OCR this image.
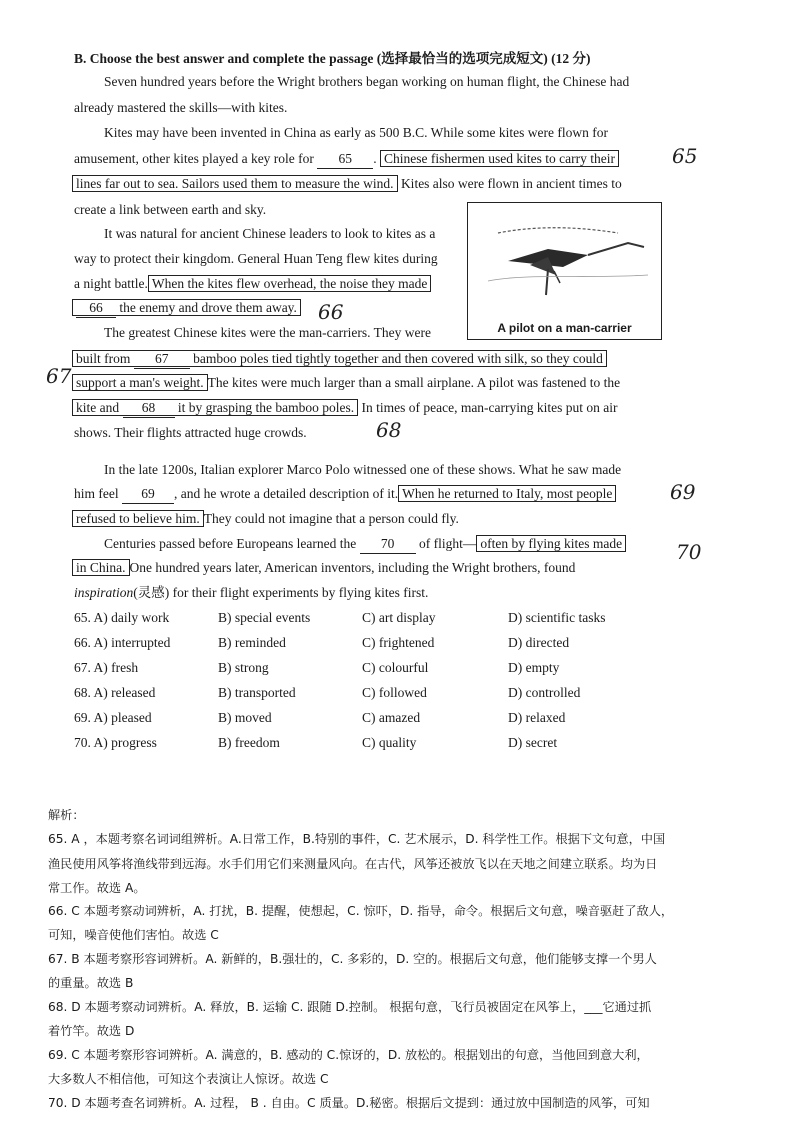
B. Choose the best answer and complete the passage (选择最恰当的选项完成短文) (12 分)
Seven hundred years before the Wright brothers began working on human flight, the Chinese had
already mastered the skills—with kites.
Kites may have been invented in China as early as 500 B.C. While some kites were flown for
amusement, other kites played a key role for 65 . Chinese fishermen used kites to carry their	65
lines far out to sea. Sailors used them to measure the wind. Kites also were flown in ancient times to
create a link between earth and sky.
A pilot on a man-carrier
It was natural for ancient Chinese leaders to look to kites as a
way to protect their kingdom. General Huan Teng flew kites during
a night battle. When the kites flew overhead, the noise they made
66 the enemy and drove them away. 66
The greatest Chinese kites were the man-carriers. They were
built from 67 bamboo poles tied tightly together and then covered with silk, so they could
67 support a man's weight. The kites were much larger than a small airplane. A pilot was fastened to the
kite and 68 it by grasping the bamboo poles. In times of peace, man-carrying kites put on air
shows. Their flights attracted huge crowds.	68
In the late 1200s, Italian explorer Marco Polo witnessed one of these shows. What he saw made
him feel 69 , and he wrote a detailed description of it. When he returned to Italy, most people	69
refused to believe him. They could not imagine that a person could fly.
Centuries passed before Europeans learned the 70 of flight— often by flying kites made	70
in China. One hundred years later, American inventors, including the Wright brothers, found
inspiration(灵感) for their flight experiments by flying kites first.
65. A) daily work	B) special events	C) art display	D) scientific tasks
66. A) interrupted	B) reminded	C) frightened	D) directed
67. A) fresh	B) strong	C) colourful	D) empty
68. A) released	B) transported	C) followed	D) controlled
69. A) pleased	B) moved	C) amazed	D) relaxed
70. A) progress	B) freedom	C) quality	D) secret
解析：
65. A ，本题考察名词词组辨析。A.日常工作，B.特别的事件，C. 艺术展示，D. 科学性工作。根据下文句意，中国
渔民使用风筝将渔线带到远海。水手们用它们来测量风向。在古代，风筝还被放飞以在天地之间建立联系。均为日
常工作。故选 A。
66. C 本题考察动词辨析，A. 打扰，B. 提醒，使想起，C. 惊吓，D. 指导，命令。根据后文句意，噪音驱赶了敌人，
可知，噪音使他们害怕。故选 C
67. B 本题考察形容词辨析。A. 新鲜的，B.强壮的，C. 多彩的，D. 空的。根据后文句意，他们能够支撑一个男人
的重量。故选 B
68. D 本题考察动词辨析。A. 释放，B. 运输 C. 跟随 D.控制。 根据句意，飞行员被固定在风筝上，___它通过抓
着竹竿。故选 D
69. C 本题考察形容词辨析。A. 满意的，B. 感动的 C.惊讶的，D. 放松的。根据划出的句意，当他回到意大利，
大多数人不相信他，可知这个表演让人惊讶。故选 C
70. D 本题考查名词辨析。A. 过程， B . 自由。C 质量。D.秘密。根据后文提到：通过放中国制造的风筝，可知
